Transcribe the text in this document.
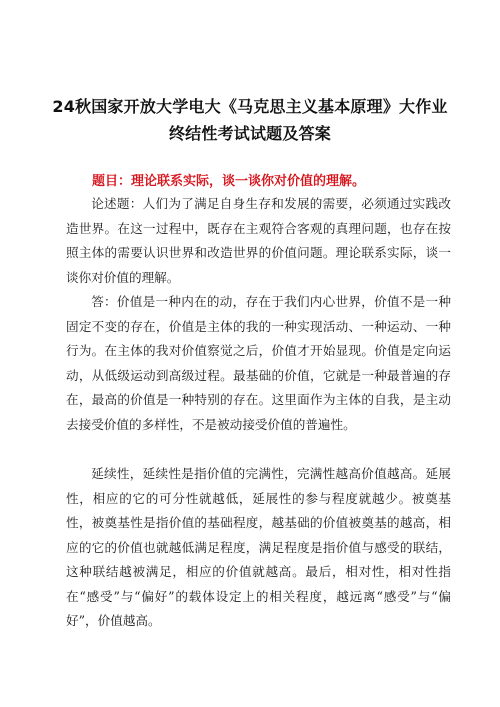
24秋国家开放大学电大《马克思主义基本原理》大作业
终结性考试试题及答案
题目：理论联系实际，谈一谈你对价值的理解。

论述题：人们为了满足自身生存和发展的需要，必须通过实践改造世界。在这一过程中，既存在主观符合客观的真理问题，也存在按照主体的需要认识世界和改造世界的价值问题。理论联系实际，谈一谈你对价值的理解。

答：价值是一种内在的动，存在于我们内心世界，价值不是一种固定不变的存在，价值是主体的我的一种实现活动、一种运动、一种行为。在主体的我对价值察觉之后，价值才开始显现。价值是定向运动，从低级运动到高级过程。最基础的价值，它就是一种最普遍的存在，最高的价值是一种特别的存在。这里面作为主体的自我，是主动去接受价值的多样性，不是被动接受价值的普遍性。

延续性，延续性是指价值的完满性，完满性越高价值越高。延展性，相应的它的可分性就越低，延展性的参与程度就越少。被奠基性，被奠基性是指价值的基础程度，越基础的价值被奠基的越高，相应的它的价值也就越低满足程度，满足程度是指价值与感受的联结，这种联结越被满足，相应的价值就越高。最后，相对性，相对性指在“感受”与“偏好”的载体设定上的相关程度，越远离“感受”与“偏好”，价值越高。
